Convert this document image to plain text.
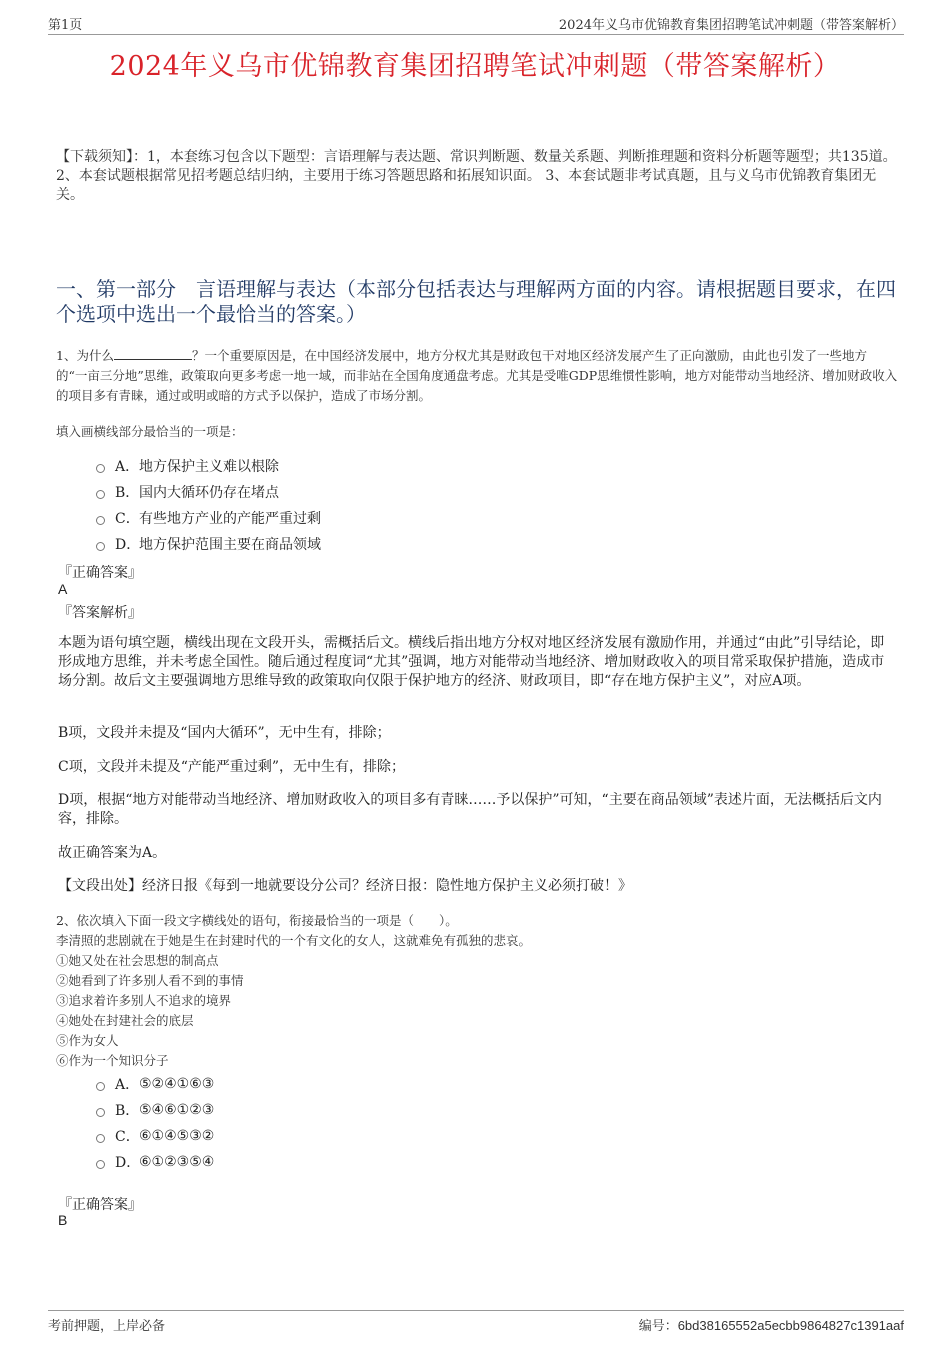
第1页	2024年义乌市优锦教育集团招聘笔试冲刺题（带答案解析）
2024年义乌市优锦教育集团招聘笔试冲刺题（带答案解析）
【下载须知】：1，本套练习包含以下题型：言语理解与表达题、常识判断题、数量关系题、判断推理题和资料分析题等题型；共135道。 2、本套试题根据常见招考题总结归纳，主要用于练习答题思路和拓展知识面。 3、本套试题非考试真题，且与义乌市优锦教育集团无关。
一、第一部分　言语理解与表达（本部分包括表达与理解两方面的内容。请根据题目要求，在四个选项中选出一个最恰当的答案。）
1、为什么	？一个重要原因是，在中国经济发展中，地方分权尤其是财政包干对地区经济发展产生了正向激励，由此也引发了一些地方的“一亩三分地”思维，政策取向更多考虑一地一域，而非站在全国角度通盘考虑。尤其是受唯GDP思维惯性影响，地方对能带动当地经济、增加财政收入的项目多有青睐，通过或明或暗的方式予以保护，造成了市场分割。
填入画横线部分最恰当的一项是：
A． 地方保护主义难以根除
B． 国内大循环仍存在堵点
C． 有些地方产业的产能严重过剩
D．
地方保护范围主要在商品领域
『正确答案』
A
『答案解析』
本题为语句填空题，横线出现在文段开头，需概括后文。横线后指出地方分权对地区经济发展有激励作用，并通过“由此”引导结论，即形成地方思维，并未考虑全国性。随后通过程度词“尤其”强调，地方对能带动当地经济、增加财政收入的项目常采取保护措施，造成市场分割。故后文主要强调地方思维导致的政策取向仅限于保护地方的经济、财政项目，即“存在地方保护主义”，对应A项。
B项，文段并未提及“国内大循环”，无中生有，排除；
C项，文段并未提及“产能严重过剩”，无中生有，排除；
D项，根据“地方对能带动当地经济、增加财政收入的项目多有青睐……予以保护”可知，“主要在商品领域”表述片面，无法概括后文内容，排除。
故正确答案为A。
【文段出处】经济日报《每到一地就要设分公司？经济日报：隐性地方保护主义必须打破！》
2、依次填入下面一段文字横线处的语句，衔接最恰当的一项是（　　）。
李清照的悲剧就在于她是生在封建时代的一个有文化的女人，这就难免有孤独的悲哀。
①她又处在社会思想的制高点
②她看到了许多别人看不到的事情
③追求着许多别人不追求的境界
④她处在封建社会的底层
⑤作为女人
⑥作为一个知识分子
A． ⑤②④①⑥③
B． ⑤④⑥①②③
C． ⑥①④⑤③②
D．
⑥①②③⑤④
『正确答案』
B
考前押题，上岸必备	编号：6bd38165552a5ecbb9864827c1391aaf
